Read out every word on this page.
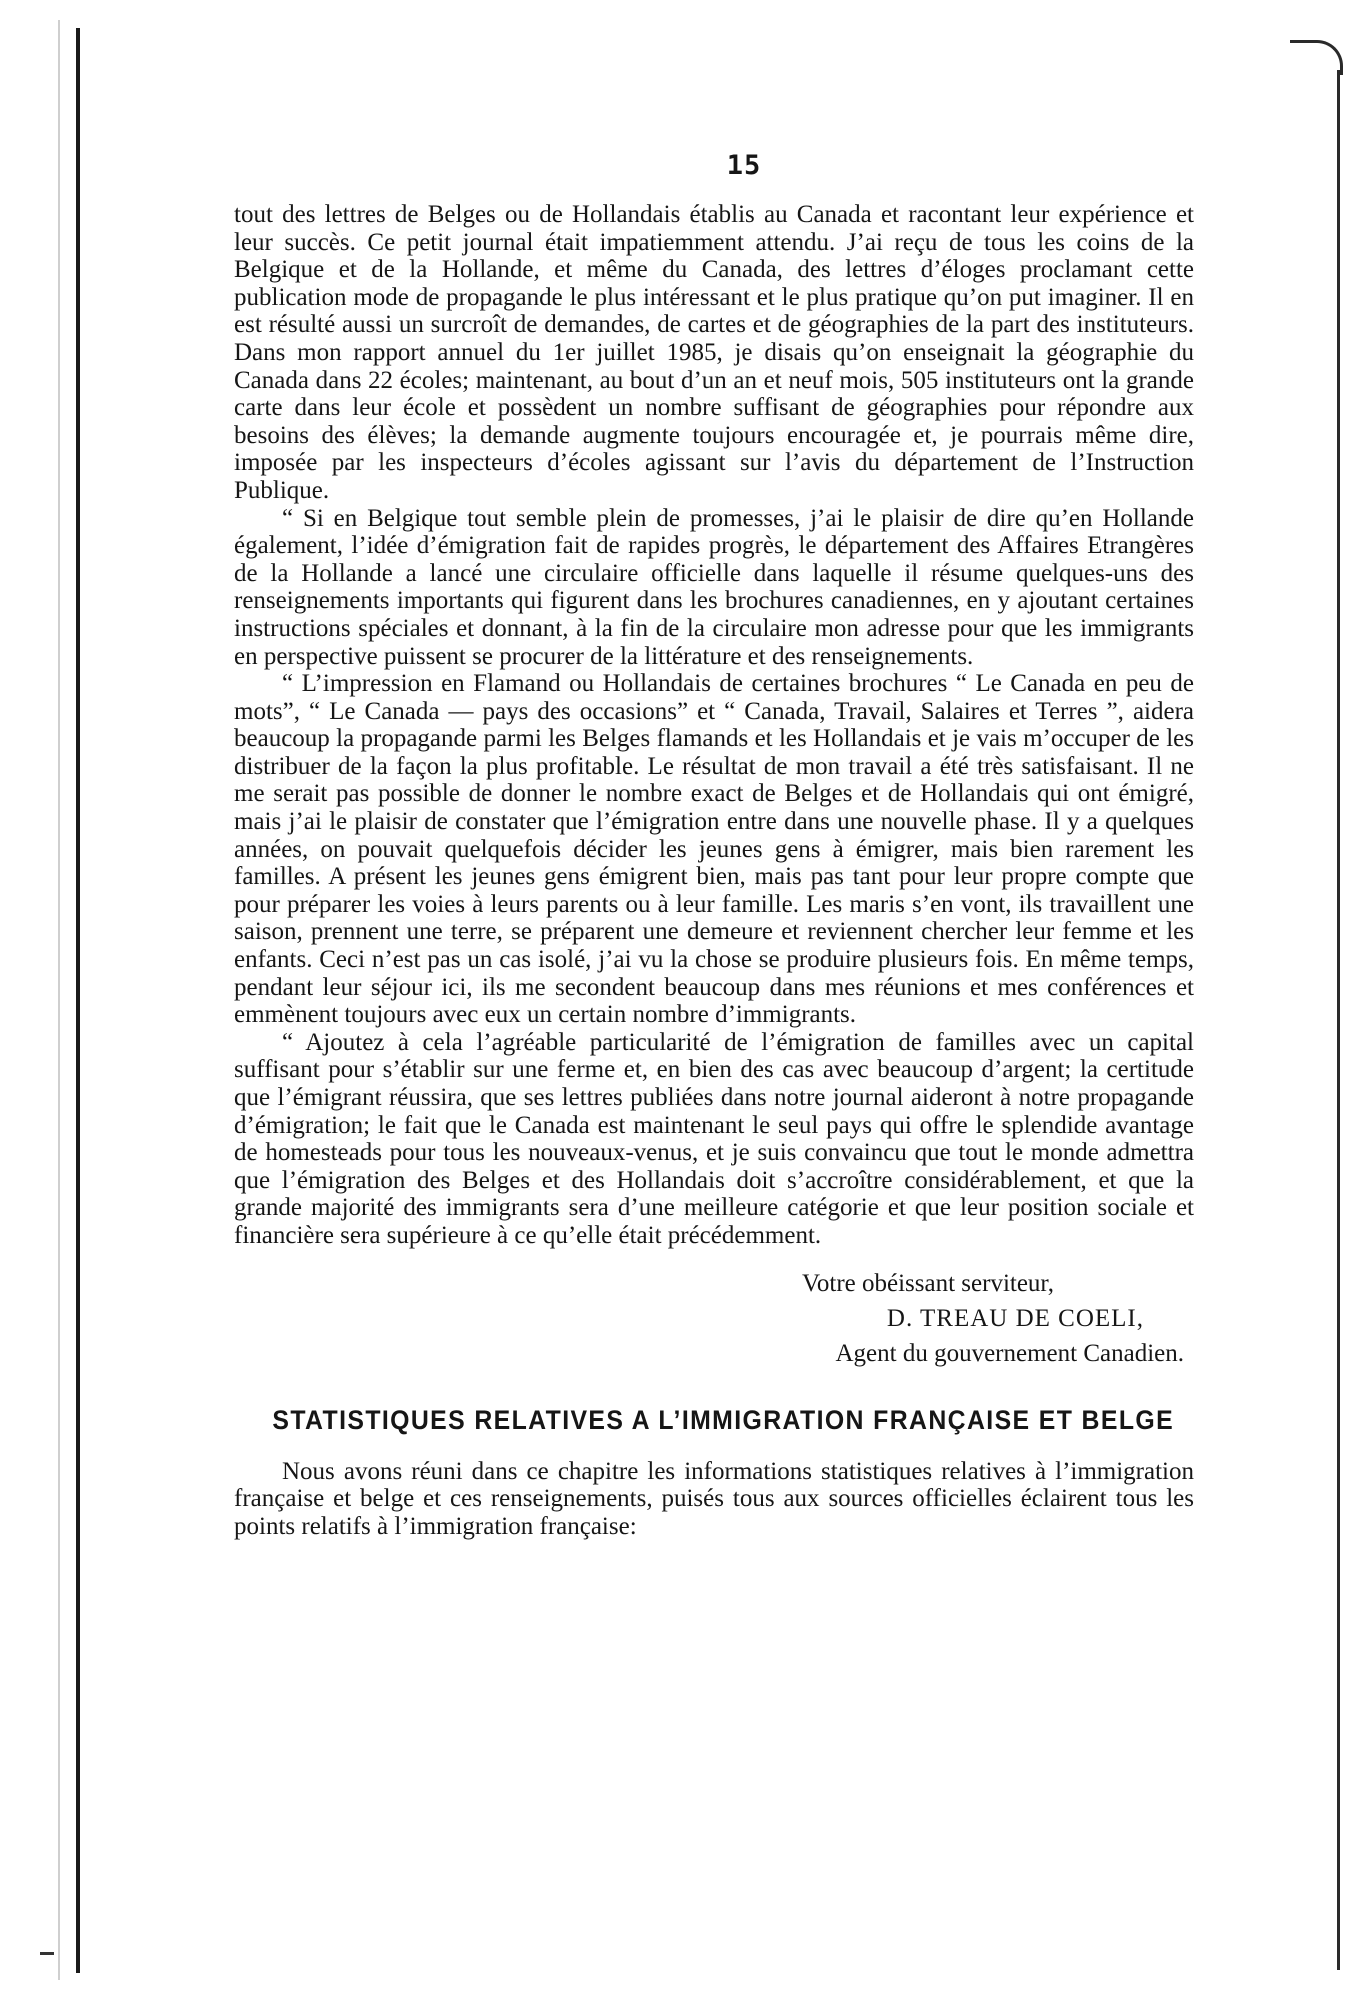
15

tout des lettres de Belges ou de Hollandais établis au Canada et racontant leur expérience et leur succès. Ce petit journal était impatiemment attendu. J’ai reçu de tous les coins de la Belgique et de la Hollande, et même du Canada, des lettres d’éloges proclamant cette publication mode de propagande le plus intéressant et le plus pratique qu’on put imaginer. Il en est résulté aussi un surcroît de demandes, de cartes et de géographies de la part des instituteurs. Dans mon rapport annuel du 1er juillet 1985, je disais qu’on enseignait la géographie du Canada dans 22 écoles; maintenant, au bout d’un an et neuf mois, 505 instituteurs ont la grande carte dans leur école et possèdent un nombre suffisant de géographies pour répondre aux besoins des élèves; la demande augmente toujours encouragée et, je pourrais même dire, imposée par les inspecteurs d’écoles agissant sur l’avis du département de l’Instruction Publique.

“ Si en Belgique tout semble plein de promesses, j’ai le plaisir de dire qu’en Hollande également, l’idée d’émigration fait de rapides progrès, le département des Affaires Etrangères de la Hollande a lancé une circulaire officielle dans laquelle il résume quelques-uns des renseignements importants qui figurent dans les brochures canadiennes, en y ajoutant certaines instructions spéciales et donnant, à la fin de la circulaire mon adresse pour que les immigrants en perspective puissent se procurer de la littérature et des renseignements.

“ L’impression en Flamand ou Hollandais de certaines brochures “ Le Canada en peu de mots”, “ Le Canada — pays des occasions” et “ Canada, Travail, Salaires et Terres ”, aidera beaucoup la propagande parmi les Belges flamands et les Hollandais et je vais m’occuper de les distribuer de la façon la plus profitable. Le résultat de mon travail a été très satisfaisant. Il ne me serait pas possible de donner le nombre exact de Belges et de Hollandais qui ont émigré, mais j’ai le plaisir de constater que l’émigration entre dans une nouvelle phase. Il y a quelques années, on pouvait quelquefois décider les jeunes gens à émigrer, mais bien rarement les familles. A présent les jeunes gens émigrent bien, mais pas tant pour leur propre compte que pour préparer les voies à leurs parents ou à leur famille. Les maris s’en vont, ils travaillent une saison, prennent une terre, se préparent une demeure et reviennent chercher leur femme et les enfants. Ceci n’est pas un cas isolé, j’ai vu la chose se produire plusieurs fois. En même temps, pendant leur séjour ici, ils me secondent beaucoup dans mes réunions et mes conférences et emmènent toujours avec eux un certain nombre d’immigrants.

“ Ajoutez à cela l’agréable particularité de l’émigration de familles avec un capital suffisant pour s’établir sur une ferme et, en bien des cas avec beaucoup d’argent; la certitude que l’émigrant réussira, que ses lettres publiées dans notre journal aideront à notre propagande d’émigration; le fait que le Canada est maintenant le seul pays qui offre le splendide avantage de homesteads pour tous les nouveaux-venus, et je suis convaincu que tout le monde admettra que l’émigration des Belges et des Hollandais doit s’accroître considérablement, et que la grande majorité des immigrants sera d’une meilleure catégorie et que leur position sociale et financière sera supérieure à ce qu’elle était précédemment.

Votre obéissant serviteur,
D. TREAU DE COELI,
Agent du gouvernement Canadien.
STATISTIQUES RELATIVES A L’IMMIGRATION FRANÇAISE ET BELGE

Nous avons réuni dans ce chapitre les informations statistiques relatives à l’immigration française et belge et ces renseignements, puisés tous aux sources officielles éclairent tous les points relatifs à l’immigration française:
